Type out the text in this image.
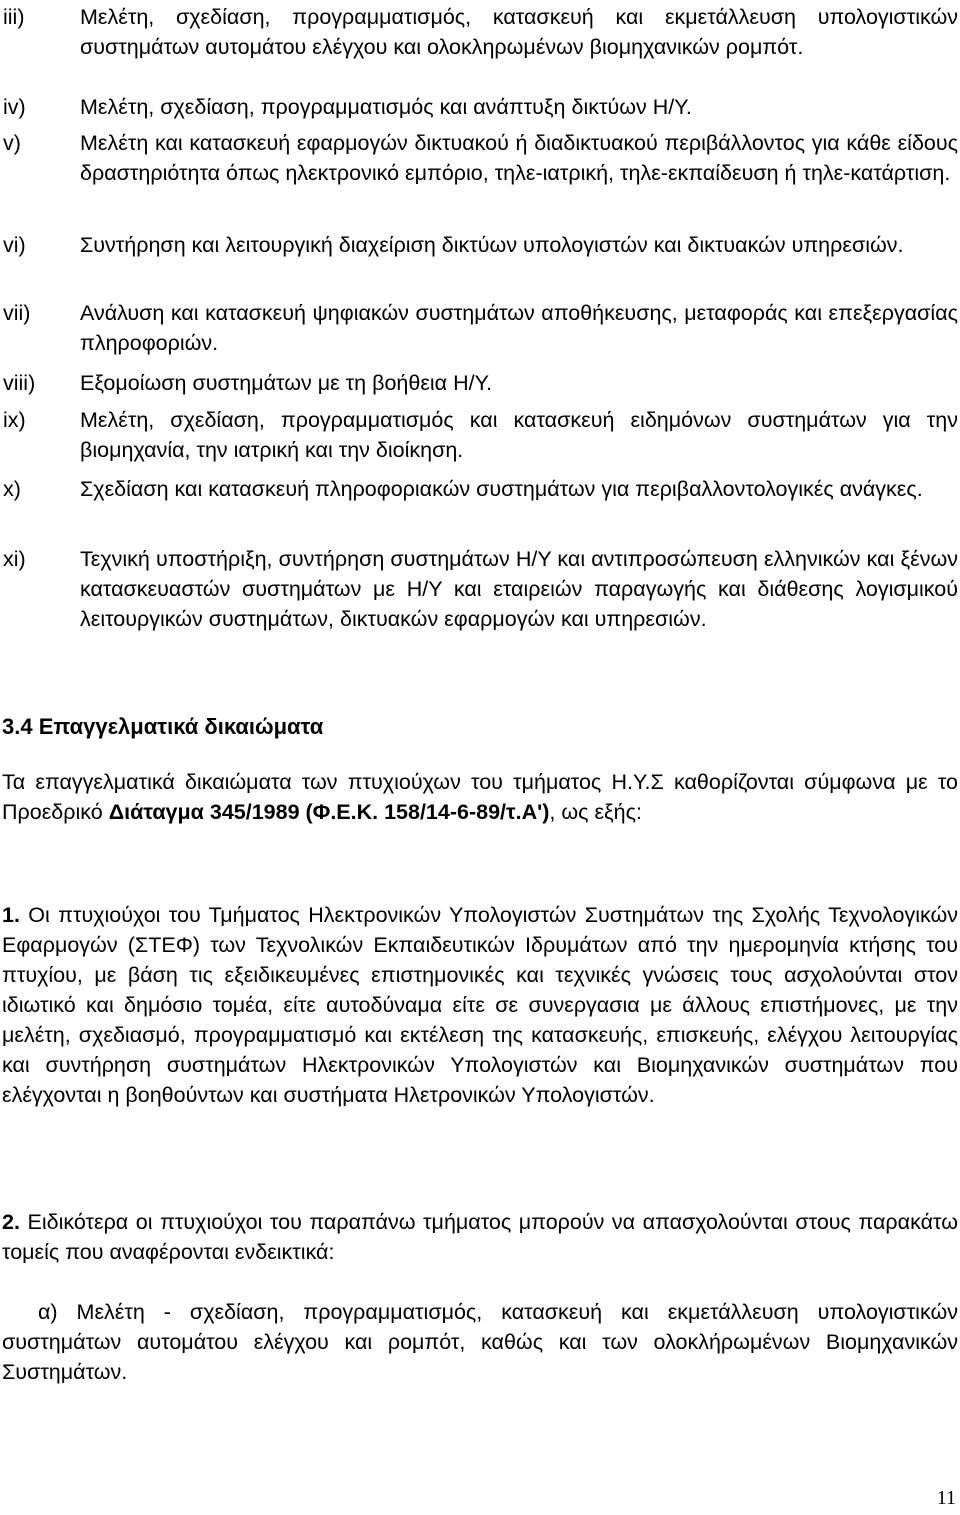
iii)	Μελέτη, σχεδίαση, προγραμματισμός, κατασκευή και εκμετάλλευση υπολογιστικών συστημάτων αυτομάτου ελέγχου και ολοκληρωμένων βιομηχανικών ρομπότ.
iv)	Μελέτη, σχεδίαση, προγραμματισμός και ανάπτυξη δικτύων Η/Υ.
v)	Μελέτη και κατασκευή εφαρμογών δικτυακού ή διαδικτυακού περιβάλλοντος για κάθε είδους δραστηριότητα όπως ηλεκτρονικό εμπόριο, τηλε-ιατρική, τηλε-εκπαίδευση ή τηλε-κατάρτιση.
vi)	Συντήρηση και λειτουργική διαχείριση δικτύων υπολογιστών και δικτυακών υπηρεσιών.
vii)	Ανάλυση και κατασκευή ψηφιακών συστημάτων αποθήκευσης, μεταφοράς και επεξεργασίας πληροφοριών.
viii)	Εξομοίωση συστημάτων με τη βοήθεια Η/Υ.
ix)	Μελέτη, σχεδίαση, προγραμματισμός και κατασκευή ειδημόνων συστημάτων για την βιομηχανία, την ιατρική και την διοίκηση.
x)	Σχεδίαση και κατασκευή πληροφοριακών συστημάτων για περιβαλλοντολογικές ανάγκες.
xi)	Τεχνική υποστήριξη, συντήρηση συστημάτων Η/Υ και αντιπροσώπευση ελληνικών και ξένων κατασκευαστών συστημάτων με Η/Υ και εταιρειών παραγωγής και διάθεσης λογισμικού λειτουργικών συστημάτων, δικτυακών εφαρμογών και υπηρεσιών.
3.4 Επαγγελματικά δικαιώματα

Τα επαγγελματικά δικαιώματα των πτυχιούχων του τμήματος Η.Υ.Σ καθορίζονται σύμφωνα με το Προεδρικό Διάταγμα 345/1989 (Φ.Ε.Κ. 158/14-6-89/τ.Α'), ως εξής:

1. Οι πτυχιούχοι του Τμήματος Ηλεκτρονικών Υπολογιστών Συστημάτων της Σχολής Τεχνολογικών Εφαρμογών (ΣΤΕΦ) των Τεχνολικών Εκπαιδευτικών Ιδρυμάτων από την ημερομηνία κτήσης του πτυχίου, με βάση τις εξειδικευμένες επιστημονικές και τεχνικές γνώσεις τους ασχολούνται στον ιδιωτικό και δημόσιο τομέα, είτε αυτοδύναμα είτε σε συνεργασια με άλλους επιστήμονες, με την μελέτη, σχεδιασμό, προγραμματισμό και εκτέλεση της κατασκευής, επισκευής, ελέγχου λειτουργίας και συντήρηση συστημάτων Ηλεκτρονικών Υπολογιστών και Βιομηχανικών συστημάτων που ελέγχονται η βοηθούντων και συστήματα Ηλετρονικών Υπολογιστών.

2. Ειδικότερα οι πτυχιούχοι του παραπάνω τμήματος μπορούν να απασχολούνται στους παρακάτω τομείς που αναφέρονται ενδεικτικά:

α) Μελέτη - σχεδίαση, προγραμματισμός, κατασκευή και εκμετάλλευση υπολογιστικών συστημάτων αυτομάτου ελέγχου και ρομπότ, καθώς και των ολοκλήρωμένων Βιομηχανικών Συστημάτων.

11
